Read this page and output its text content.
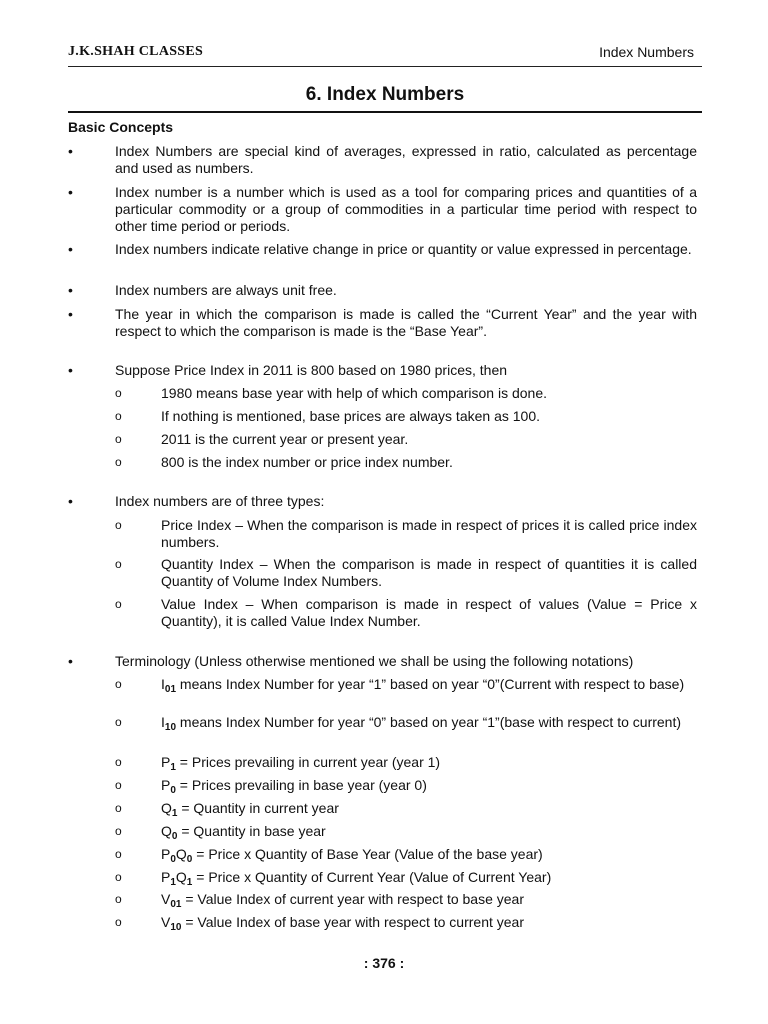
J.K.SHAH CLASSES	Index Numbers
6. Index Numbers
Basic Concepts
•	Index Numbers are special kind of averages, expressed in ratio, calculated as percentage and used as numbers.
•	Index number is a number which is used as a tool for comparing prices and quantities of a particular commodity or a group of commodities in a particular time period with respect to other time period or periods.
•	Index numbers indicate relative change in price or quantity or value expressed in percentage.
•	Index numbers are always unit free.
•	The year in which the comparison is made is called the “Current Year” and the year with respect to which the comparison is made is the “Base Year”.
•	Suppose Price Index in 2011 is 800 based on 1980 prices, then
o	1980 means base year with help of which comparison is done.
o	If nothing is mentioned, base prices are always taken as 100.
o	2011 is the current year or present year.
o	800 is the index number or price index number.
•	Index numbers are of three types:
o	Price Index – When the comparison is made in respect of prices it is called price index numbers.
o	Quantity Index – When the comparison is made in respect of quantities it is called Quantity of Volume Index Numbers.
o	Value Index – When comparison is made in respect of values (Value = Price x Quantity), it is called Value Index Number.
•	Terminology (Unless otherwise mentioned we shall be using the following notations)
o	$I_{01}$ means Index Number for year “1” based on year “0”(Current with respect to base)
o	$I_{10}$ means Index Number for year “0” based on year “1”(base with respect to current)
o	$P_1$ = Prices prevailing in current year (year 1)
o	$P_0$ = Prices prevailing in base year (year 0)
o	$Q_1$ = Quantity in current year
o	$Q_0$ = Quantity in base year
o	$P_0Q_0$ = Price x Quantity of Base Year (Value of the base year)
o	$P_1Q_1$ = Price x Quantity of Current Year (Value of Current Year)
o	$V_{01}$ = Value Index of current year with respect to base year
o	$V_{10}$ = Value Index of base year with respect to current year
: 376 :
